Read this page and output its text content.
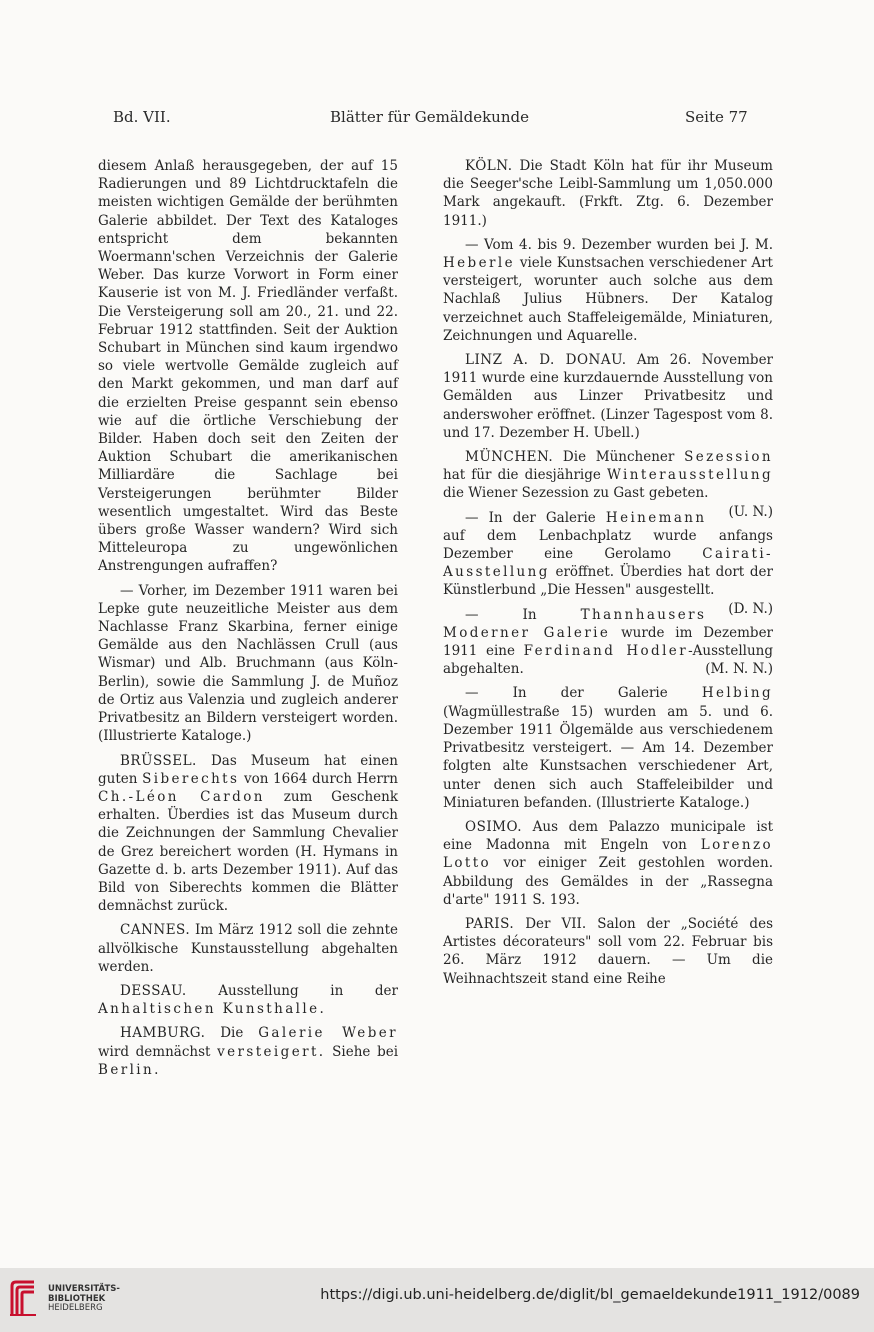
Bd. VII.	Blätter für Gemäldekunde	Seite 77

diesem Anlaß herausgegeben, der auf 15 Radierungen und 89 Lichtdrucktafeln die meisten wichtigen Gemälde der berühmten Galerie abbildet. Der Text des Kataloges entspricht dem bekannten Woermann'schen Verzeichnis der Galerie Weber. Das kurze Vorwort in Form einer Kauserie ist von M. J. Friedländer verfaßt. Die Versteigerung soll am 20., 21. und 22. Februar 1912 stattfinden. Seit der Auktion Schubart in München sind kaum irgendwo so viele wertvolle Gemälde zugleich auf den Markt gekommen, und man darf auf die erzielten Preise gespannt sein ebenso wie auf die örtliche Verschiebung der Bilder. Haben doch seit den Zeiten der Auktion Schubart die amerikanischen Milliardäre die Sachlage bei Versteigerungen berühmter Bilder wesentlich umgestaltet. Wird das Beste übers große Wasser wandern? Wird sich Mitteleuropa zu ungewönlichen Anstrengungen aufraffen?

— Vorher, im Dezember 1911 waren bei Lepke gute neuzeitliche Meister aus dem Nachlasse Franz Skarbina, ferner einige Gemälde aus den Nachlässen Crull (aus Wismar) und Alb. Bruchmann (aus Köln-Berlin), sowie die Sammlung J. de Muñoz de Ortiz aus Valenzia und zugleich anderer Privatbesitz an Bildern versteigert worden. (Illustrierte Kataloge.)

BRÜSSEL. Das Museum hat einen guten Siberechts von 1664 durch Herrn Ch.-Léon Cardon zum Geschenk erhalten. Überdies ist das Museum durch die Zeichnungen der Sammlung Chevalier de Grez bereichert worden (H. Hymans in Gazette d. b. arts Dezember 1911). Auf das Bild von Siberechts kommen die Blätter demnächst zurück.

CANNES. Im März 1912 soll die zehnte allvölkische Kunstausstellung abgehalten werden.

DESSAU. Ausstellung in der Anhaltischen Kunsthalle.

HAMBURG. Die Galerie Weber wird demnächst versteigert. Siehe bei Berlin.

KÖLN. Die Stadt Köln hat für ihr Museum die Seeger'sche Leibl-Sammlung um 1,050.000 Mark angekauft. (Frkft. Ztg. 6. Dezember 1911.)

— Vom 4. bis 9. Dezember wurden bei J. M. Heberle viele Kunstsachen verschiedener Art versteigert, worunter auch solche aus dem Nachlaß Julius Hübners. Der Katalog verzeichnet auch Staffeleigemälde, Miniaturen, Zeichnungen und Aquarelle.

LINZ A. D. DONAU. Am 26. November 1911 wurde eine kurzdauernde Ausstellung von Gemälden aus Linzer Privatbesitz und anderswoher eröffnet. (Linzer Tagespost vom 8. und 17. Dezember H. Ubell.)

MÜNCHEN. Die Münchener Sezession hat für die diesjährige Winterausstellung die Wiener Sezession zu Gast gebeten.
(U. N.)

— In der Galerie Heinemann auf dem Lenbachplatz wurde anfangs Dezember eine Gerolamo Cairati-Ausstellung eröffnet. Überdies hat dort der Künstlerbund „Die Hessen" ausgestellt.
(D. N.)

— In	Thannhausers Moderner Galerie wurde im Dezember 1911 eine Ferdinand Hodler-Ausstellung abgehalten.	(M. N. N.)

— In der Galerie	Helbing (Wagmüllestraße 15) wurden am 5. und 6. Dezember 1911 Ölgemälde aus verschiedenem Privatbesitz versteigert. — Am 14. Dezember folgten alte Kunstsachen verschiedener Art, unter denen sich auch Staffeleibilder und Miniaturen befanden. (Illustrierte Kataloge.)

OSIMO. Aus dem Palazzo municipale ist eine Madonna mit Engeln von Lorenzo Lotto vor einiger Zeit gestohlen worden. Abbildung des Gemäldes in der „Rassegna d'arte" 1911 S. 193.

PARIS. Der VII. Salon der „Société des Artistes décorateurs" soll vom 22. Februar bis 26. März 1912 dauern. — Um die Weihnachtszeit stand eine Reihe

UNIVERSITÄTS-
BIBLIOTHEK
HEIDELBERG
https://digi.ub.uni-heidelberg.de/diglit/bl_gemaeldekunde1911_1912/0089
